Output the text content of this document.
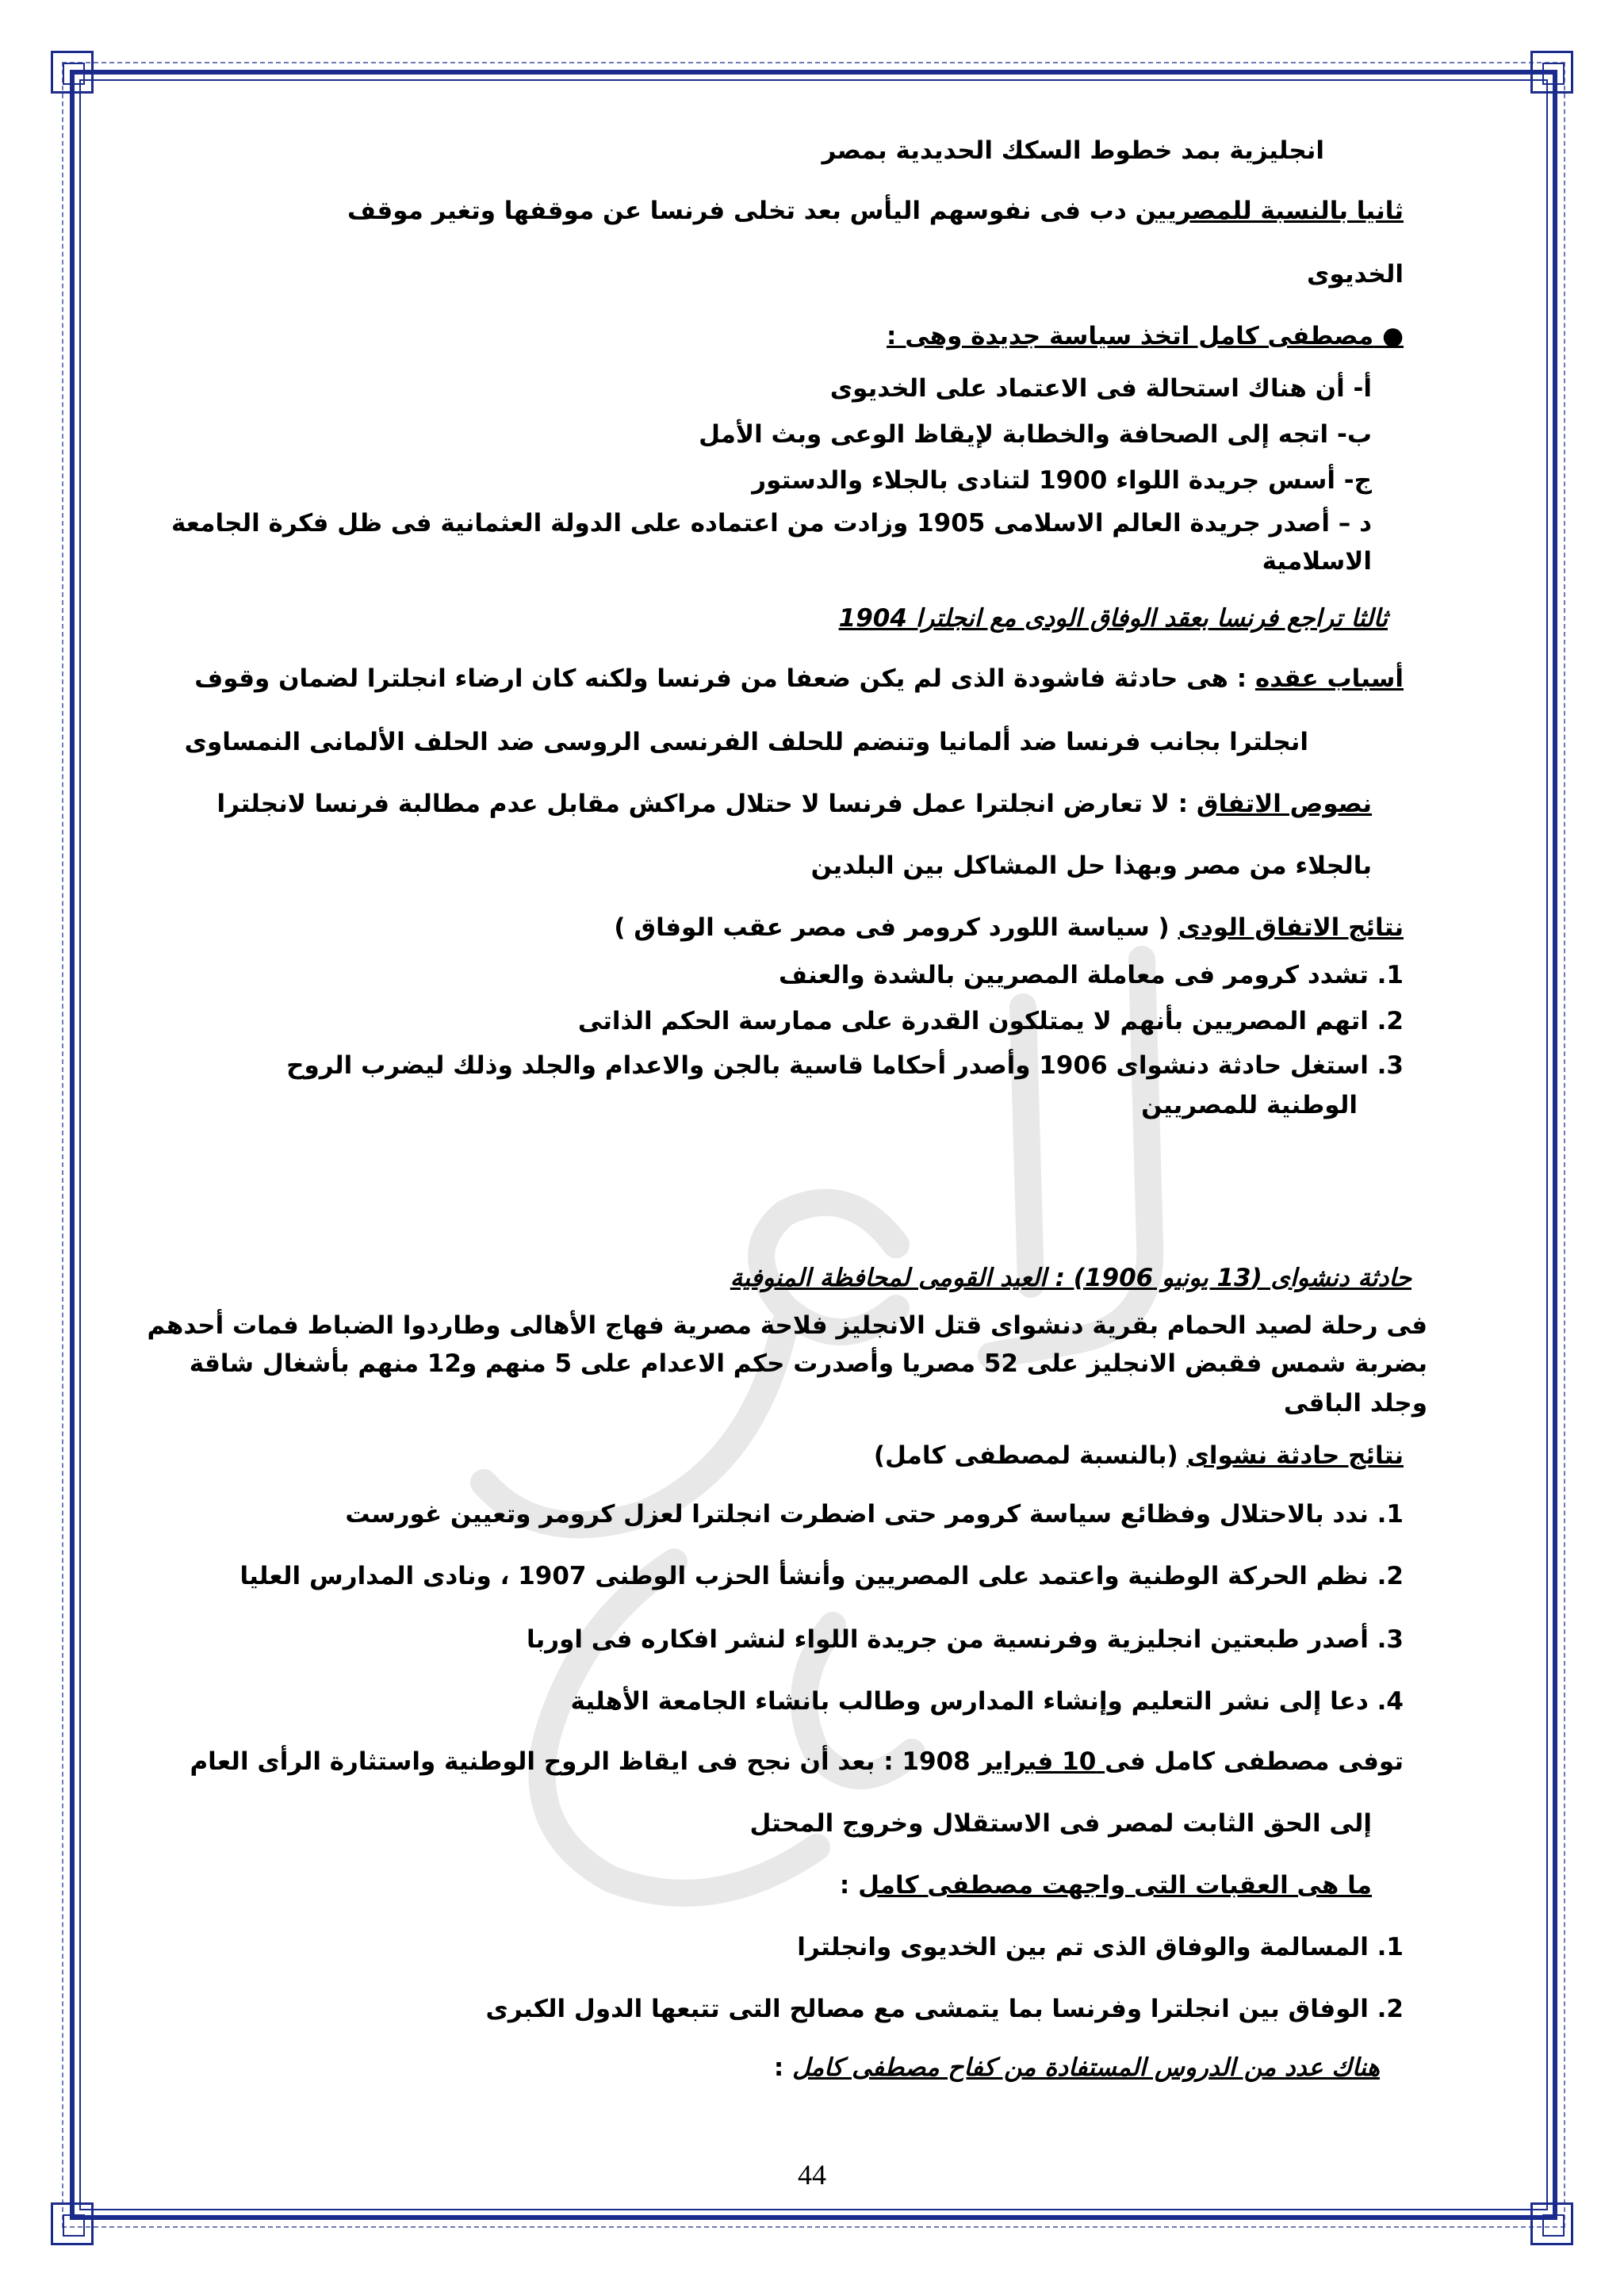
انجليزية بمد خطوط السكك الحديدية بمصر
ثانيا بالنسبة للمصريين دب فى نفوسهم اليأس بعد تخلى فرنسا عن موقفها وتغير موقف
الخديوى
● مصطفى كامل اتخذ سياسة جديدة وهى :
أ- أن هناك استحالة فى الاعتماد على الخديوى
ب- اتجه إلى الصحافة والخطابة لإيقاظ الوعى وبث الأمل
ج- أسس جريدة اللواء 1900 لتنادى بالجلاء والدستور
د – أصدر جريدة العالم الاسلامى 1905 وزادت من اعتماده على الدولة العثمانية فى ظل فكرة الجامعة
الاسلامية
ثالثا تراجع فرنسا بعقد الوفاق الودى مع انجلترا 1904
أسباب عقده : هى حادثة فاشودة الذى لم يكن ضعفا من فرنسا ولكنه كان ارضاء انجلترا لضمان وقوف
انجلترا بجانب فرنسا ضد ألمانيا وتنضم للحلف الفرنسى الروسى ضد الحلف الألمانى النمساوى
نصوص الاتفاق : لا تعارض انجلترا عمل فرنسا لا حتلال مراكش مقابل عدم مطالبة فرنسا لانجلترا
بالجلاء من مصر وبهذا حل المشاكل بين البلدين
نتائج الاتفاق الودى ( سياسة اللورد كرومر فى مصر عقب الوفاق )
1. تشدد كرومر فى معاملة المصريين بالشدة والعنف
2. اتهم المصريين بأنهم لا يمتلكون القدرة على ممارسة الحكم الذاتى
3. استغل حادثة دنشواى 1906 وأصدر أحكاما قاسية بالجن والاعدام والجلد وذلك ليضرب الروح
الوطنية للمصريين
حادثة دنشواى (13 يونيو 1906) : العيد القومى لمحافظة المنوفية
فى رحلة لصيد الحمام بقرية دنشواى قتل الانجليز فلاحة مصرية فهاج الأهالى وطاردوا الضباط فمات أحدهم
بضربة شمس فقبض الانجليز على 52 مصريا وأصدرت حكم الاعدام على 5 منهم و12 منهم بأشغال شاقة
وجلد الباقى
نتائج حادثة نشواى (بالنسبة لمصطفى كامل)
1. ندد بالاحتلال وفظائع سياسة كرومر حتى اضطرت انجلترا لعزل كرومر وتعيين غورست
2. نظم الحركة الوطنية واعتمد على المصريين وأنشأ الحزب الوطنى 1907 ، ونادى المدارس العليا
3. أصدر طبعتين انجليزية وفرنسية من جريدة اللواء لنشر افكاره فى اوربا
4. دعا إلى نشر التعليم وإنشاء المدارس وطالب بانشاء الجامعة الأهلية
توفى مصطفى كامل فى 10 فبراير 1908 : بعد أن نجح فى ايقاظ الروح الوطنية واستثارة الرأى العام
إلى الحق الثابت لمصر فى الاستقلال وخروج المحتل
ما هى العقبات التى واجهت مصطفى كامل :
1. المسالمة والوفاق الذى تم بين الخديوى وانجلترا
2. الوفاق بين انجلترا وفرنسا بما يتمشى مع مصالح التى تتبعها الدول الكبرى
هناك عدد من الدروس المستفادة من كفاح مصطفى كامل :
44
